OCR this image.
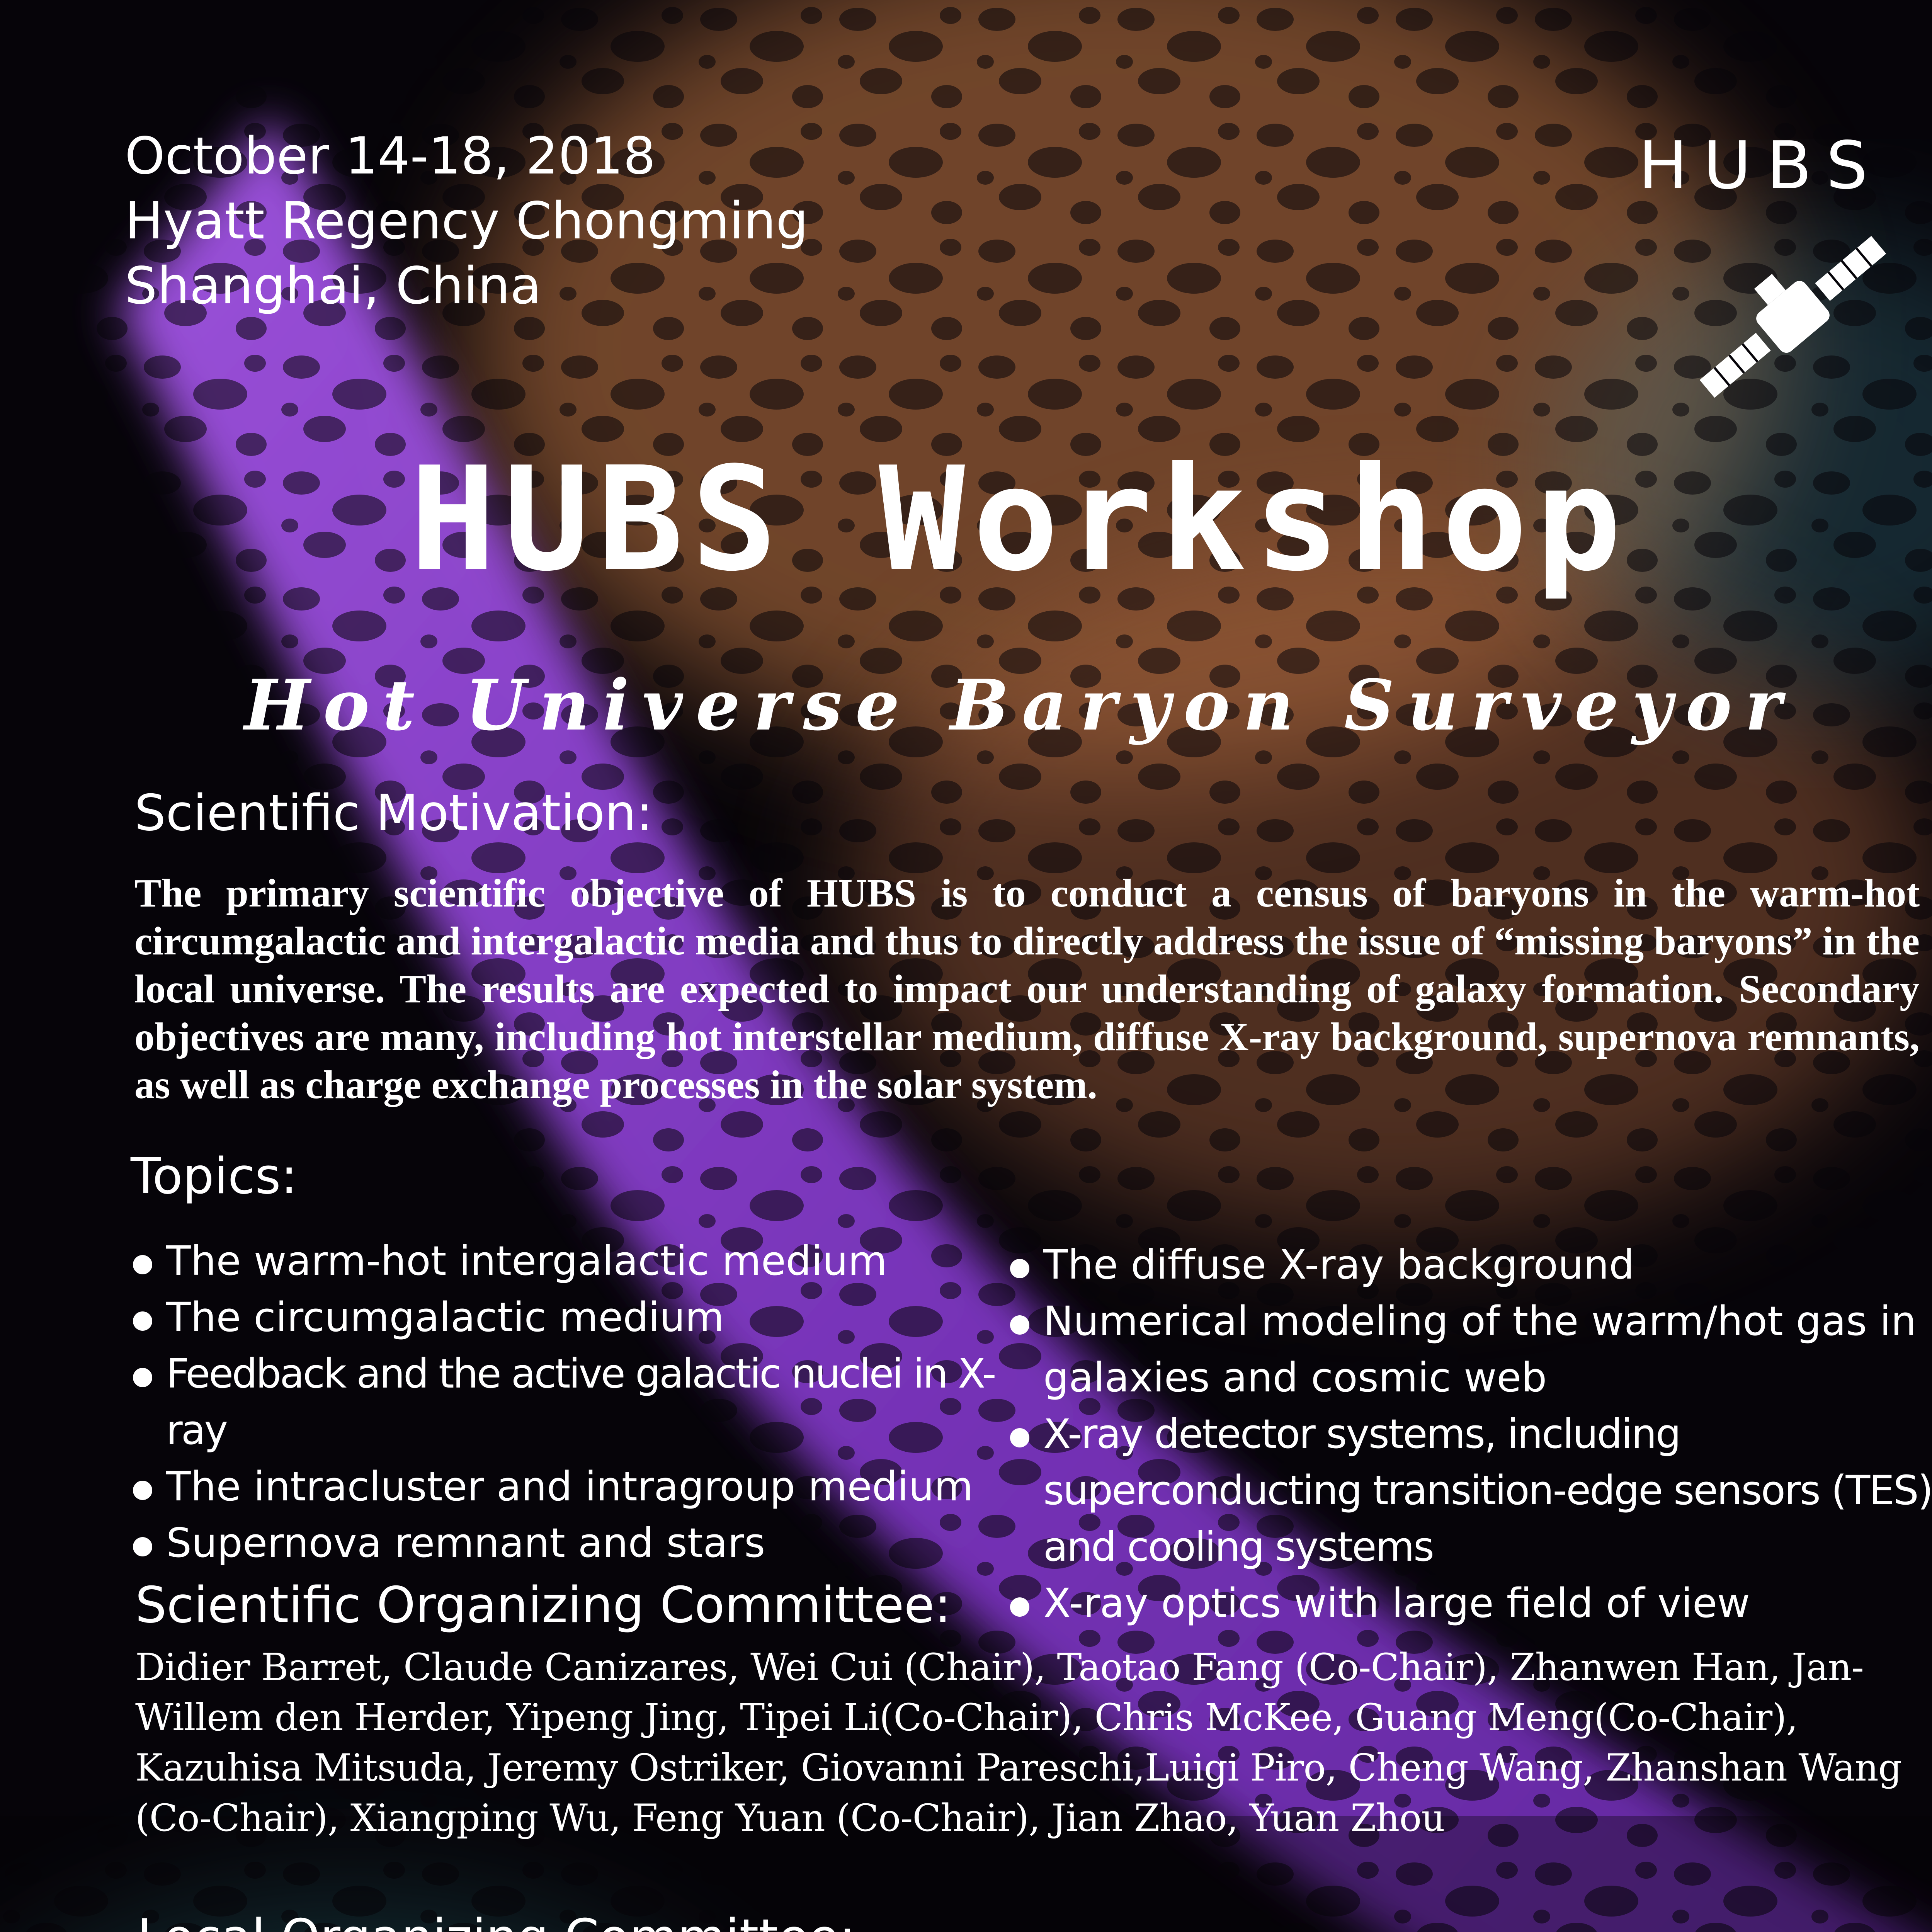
October 14-18, 2018
Hyatt Regency Chongming
Shanghai, China
HUBS
HUBS Workshop
Hot Universe Baryon Surveyor
Scientific Motivation:
The primary scientific objective of HUBS is to conduct a census of baryons in the warm-hot circumgalactic and intergalactic media and thus to directly address the issue of “missing baryons” in the local universe. The results are expected to impact our understanding of galaxy formation. Secondary objectives are many, including hot interstellar medium, diffuse X-ray background, supernova remnants, as well as charge exchange processes in the solar system.
Topics:
The warm-hot intergalactic medium
The circumgalactic medium
Feedback and the active galactic nuclei in X-ray
The intracluster and intragroup medium
Supernova remnant and stars
The diffuse X-ray background
Numerical modeling of the warm/hot gas in galaxies and cosmic web
X-ray detector systems, including superconducting transition-edge sensors (TES) and cooling systems
X-ray optics with large field of view
Scientific Organizing Committee:
Didier Barret, Claude Canizares, Wei Cui (Chair), Taotao Fang (Co-Chair), Zhanwen Han, Jan-Willem den Herder, Yipeng Jing, Tipei Li(Co-Chair), Chris McKee, Guang Meng(Co-Chair), Kazuhisa Mitsuda, Jeremy Ostriker, Giovanni Pareschi,Luigi Piro, Cheng Wang, Zhanshan Wang (Co-Chair), Xiangping Wu, Feng Yuan (Co-Chair), Jian Zhao, Yuan Zhou
